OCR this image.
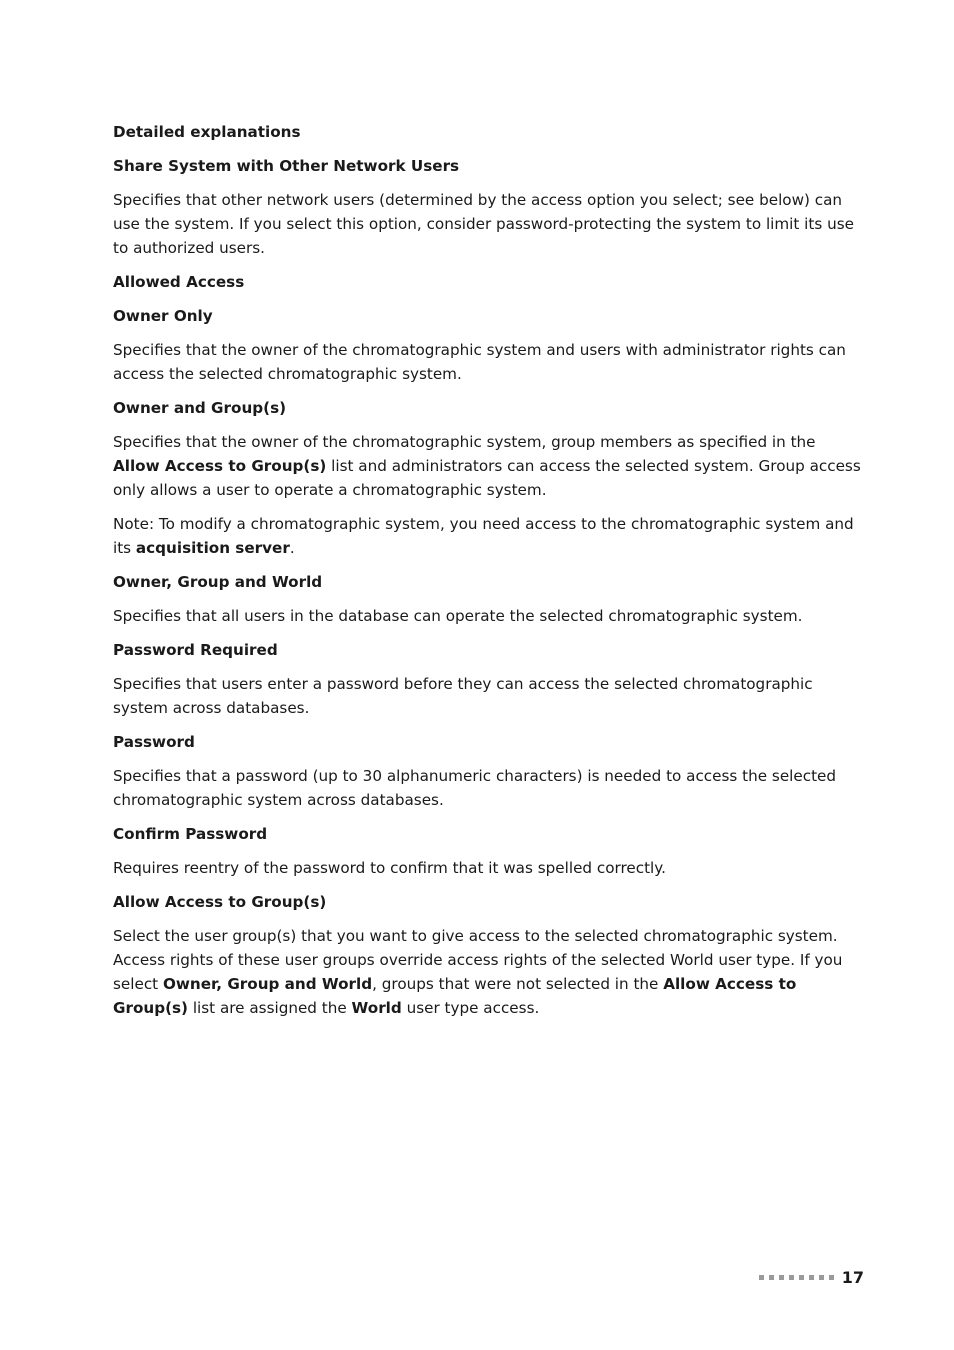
Detailed explanations
Share System with Other Network Users
Specifies that other network users (determined by the access option you select; see below) can use the system. If you select this option, consider password-protecting the system to limit its use to authorized users.
Allowed Access
Owner Only
Specifies that the owner of the chromatographic system and users with administrator rights can access the selected chromatographic system.
Owner and Group(s)
Specifies that the owner of the chromatographic system, group members as specified in the Allow Access to Group(s) list and administrators can access the selected system. Group access only allows a user to operate a chromatographic system.
Note: To modify a chromatographic system, you need access to the chromatographic system and its acquisition server.
Owner, Group and World
Specifies that all users in the database can operate the selected chromatographic system.
Password Required
Specifies that users enter a password before they can access the selected chromatographic system across databases.
Password
Specifies that a password (up to 30 alphanumeric characters) is needed to access the selected chromatographic system across databases.
Confirm Password
Requires reentry of the password to confirm that it was spelled correctly.
Allow Access to Group(s)
Select the user group(s) that you want to give access to the selected chromatographic system. Access rights of these user groups override access rights of the selected World user type. If you select Owner, Group and World, groups that were not selected in the Allow Access to Group(s) list are assigned the World user type access.
17
